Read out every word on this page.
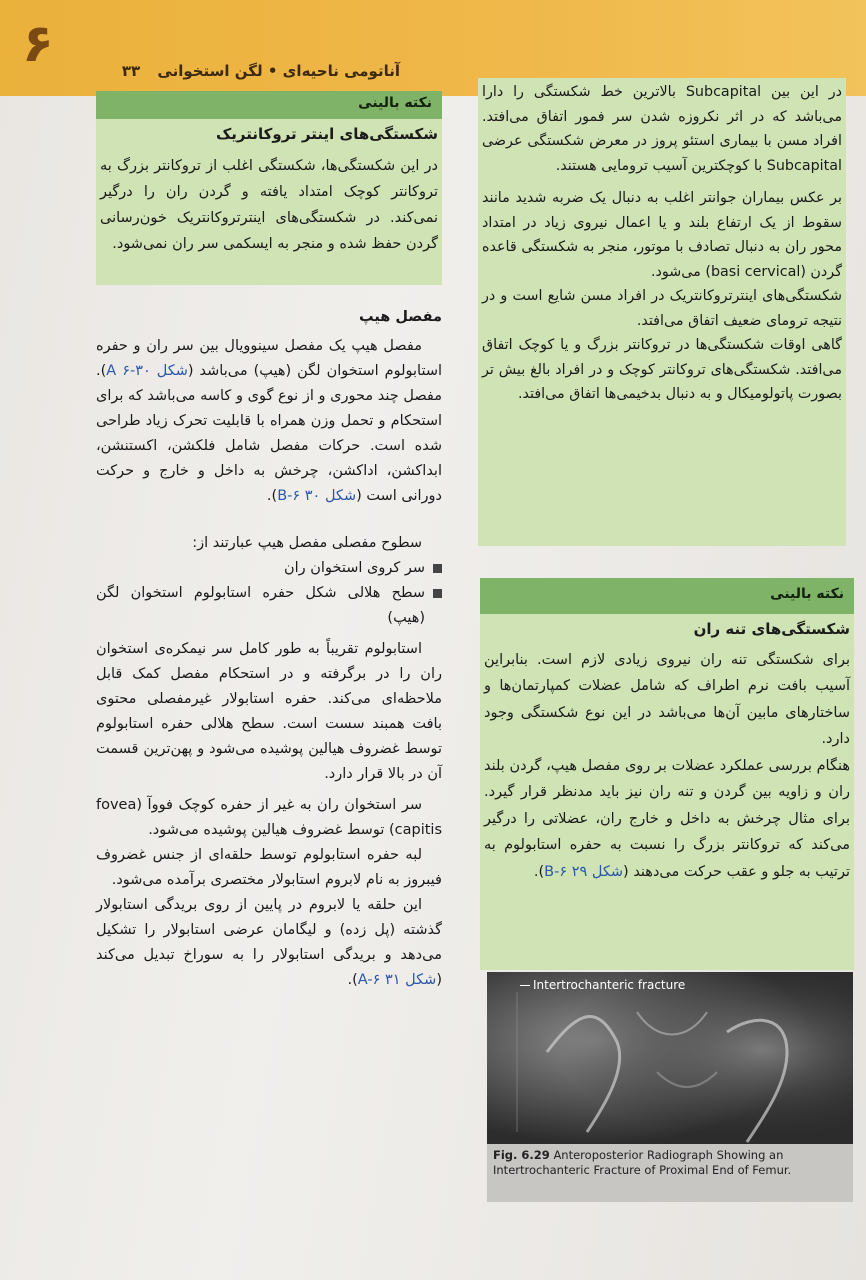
۶	آناتومی ناحیه‌ای • لگن استخوانی ۳۳

در این بین Subcapital بالاترین خط شکستگی را دارا می‌باشد که در اثر نکروزه شدن سر فمور اتفاق می‌افتد. افراد مسن با بیماری استئو پروز در معرض شکستگی عرضی Subcapital با کوچکترین آسیب ترومایی هستند.

بر عکس بیماران جوانتر اغلب به دنبال یک ضربه شدید مانند سقوط از یک ارتفاع بلند و یا اعمال نیروی زیاد در امتداد محور ران به دنبال تصادف با موتور، منجر به شکستگی قاعده گردن (basi cervical) می‌شود.

شکستگی‌های اینترتروکانتریک در افراد مسن شایع است و در نتیجه ترومای ضعیف اتفاق می‌افتد.

گاهی اوقات شکستگی‌ها در تروکانتر بزرگ و یا کوچک اتفاق می‌افتد. شکستگی‌های تروکانتر کوچک و در افراد بالغ بیش تر بصورت پاتولومیکال و به دنبال بدخیمی‌ها اتفاق می‌افتد.

نکته بالینی

شکستگی‌های اینتر تروکانتریک

در این شکستگی‌ها، شکستگی اغلب از تروکانتر بزرگ به تروکانتر کوچک امتداد یافته و گردن ران را درگیر نمی‌کند. در شکستگی‌های اینترتروکانتریک خون‌رسانی گردن حفظ شده و منجر به ایسکمی سر ران نمی‌شود.

مفصل هیپ

مفصل هیپ یک مفصل سینوویال بین سر ران و حفره استابولوم استخوان لگن (هیپ) می‌باشد (شکل ۳۰-۶ A). مفصل چند محوری و از نوع گوی و کاسه می‌باشد که برای استحکام و تحمل وزن همراه با قابلیت تحرک زیاد طراحی شده است. حرکات مفصل شامل فلکشن، اکستنشن، ابداکشن، اداکشن، چرخش به داخل و خارج و حرکت دورانی است (شکل ۳۰ B-۶).

سطوح مفصلی مفصل هیپ عبارتند از:

سر کروی استخوان ران
سطح هلالی شکل حفره استابولوم استخوان لگن (هیپ)

استابولوم تقریباً به طور کامل سر نیمکره‌ی استخوان ران را در برگرفته و در استحکام مفصل کمک قابل ملاحظه‌ای می‌کند. حفره استابولار غیرمفصلی محتوی بافت همبند سست است. سطح هلالی حفره استابولوم توسط غضروف هیالین پوشیده می‌شود و پهن‌ترین قسمت آن در بالا قرار دارد.

سر استخوان ران به غیر از حفره کوچک فووآ (fovea capitis) توسط غضروف هیالین پوشیده می‌شود.

لبه حفره استابولوم توسط حلقه‌ای از جنس غضروف فیبروز به نام لابروم استابولار مختصری برآمده می‌شود.

این حلقه یا لابروم در پایین از روی بریدگی استابولار گذشته (پل زده) و لیگامان عرضی استابولار را تشکیل می‌دهد و بریدگی استابولار را به سوراخ تبدیل می‌کند (شکل ۳۱ A-۶).

نکته بالینی

شکستگی‌های تنه ران

برای شکستگی تنه ران نیروی زیادی لازم است. بنابراین آسیب بافت نرم اطراف که شامل عضلات کمپارتمان‌ها و ساختارهای مابین آن‌ها می‌باشد در این نوع شکستگی وجود دارد.

هنگام بررسی عملکرد عضلات بر روی مفصل هیپ، گردن بلند ران و زاویه بین گردن و تنه ران نیز باید مدنظر قرار گیرد. برای مثال چرخش به داخل و خارج ران، عضلاتی را درگیر می‌کند که تروکانتر بزرگ را نسبت به حفره استابولوم به ترتیب به جلو و عقب حرکت می‌دهند (شکل ۲۹ B-۶).

Intertrochanteric fracture
Fig. 6.29 Anteroposterior Radiograph Showing an Intertrochanteric Fracture of Proximal End of Femur.
